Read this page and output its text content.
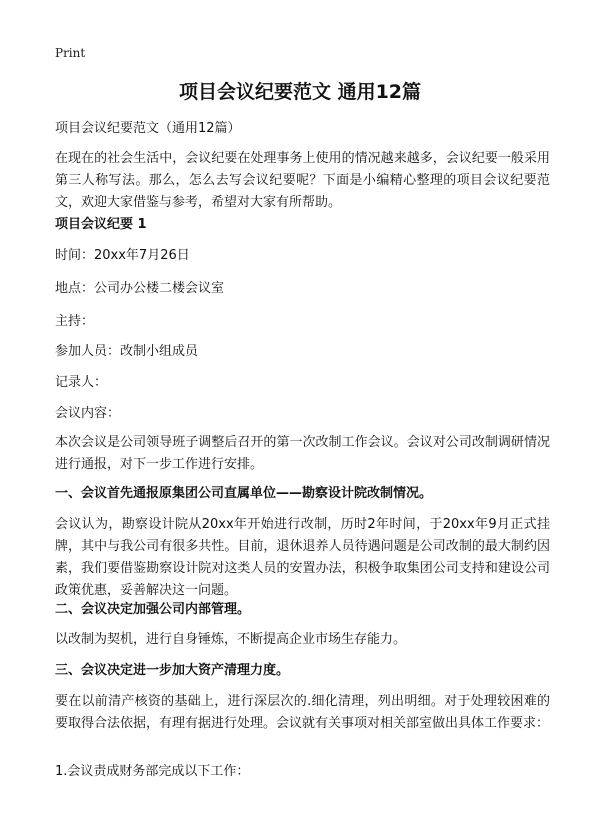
Print
项目会议纪要范文 通用12篇
项目会议纪要范文（通用12篇）
在现在的社会生活中，会议纪要在处理事务上使用的情况越来越多，会议纪要一般采用第三人称写法。那么，怎么去写会议纪要呢？下面是小编精心整理的项目会议纪要范文，欢迎大家借鉴与参考，希望对大家有所帮助。
项目会议纪要 1
时间：20xx年7月26日
地点：公司办公楼二楼会议室
主持：
参加人员：改制小组成员
记录人：
会议内容：
本次会议是公司领导班子调整后召开的第一次改制工作会议。会议对公司改制调研情况进行通报，对下一步工作进行安排。
一、会议首先通报原集团公司直属单位——勘察设计院改制情况。
会议认为，勘察设计院从20xx年开始进行改制，历时2年时间，于20xx年9月正式挂牌，其中与我公司有很多共性。目前，退休退养人员待遇问题是公司改制的最大制约因素，我们要借鉴勘察设计院对这类人员的安置办法，积极争取集团公司支持和建设公司政策优惠，妥善解决这一问题。
二、会议决定加强公司内部管理。
以改制为契机，进行自身锤炼，不断提高企业市场生存能力。
三、会议决定进一步加大资产清理力度。
要在以前清产核资的基础上，进行深层次的.细化清理，列出明细。对于处理较困难的要取得合法依据，有理有据进行处理。会议就有关事项对相关部室做出具体工作要求：
1.会议责成财务部完成以下工作：
